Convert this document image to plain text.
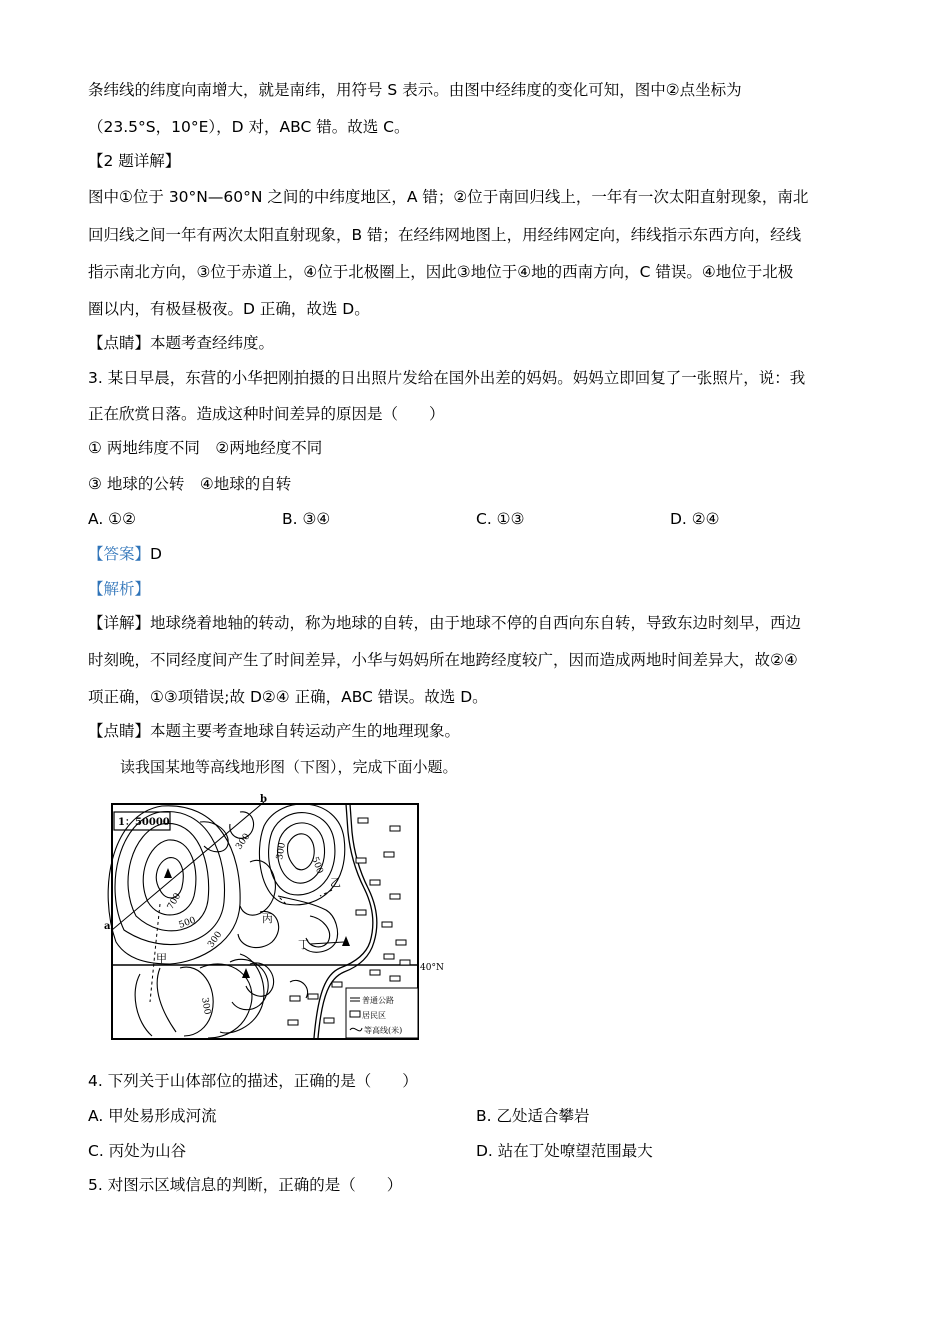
条纬线的纬度向南增大，就是南纬，用符号 S 表示。由图中经纬度的变化可知，图中②点坐标为
（23.5°S，10°E），D 对，ABC 错。故选 C。
【2 题详解】
图中①位于 30°N—60°N 之间的中纬度地区，A 错；②位于南回归线上，一年有一次太阳直射现象，南北
回归线之间一年有两次太阳直射现象，B 错；在经纬网地图上，用经纬网定向，纬线指示东西方向，经线
指示南北方向，③位于赤道上，④位于北极圈上，因此③地位于④地的西南方向，C 错误。④地位于北极
圈以内，有极昼极夜。D 正确，故选 D。
【点睛】本题考查经纬度。
3. 某日早晨，东营的小华把刚拍摄的日出照片发给在国外出差的妈妈。妈妈立即回复了一张照片，说：我
正在欣赏日落。造成这种时间差异的原因是（　　）
① 两地纬度不同　②两地经度不同
③ 地球的公转　④地球的自转
A. ①②	B. ③④	C. ①③	D. ②④
【答案】D
【解析】
【详解】地球绕着地轴的转动，称为地球的自转，由于地球不停的自西向东自转，导致东边时刻早，西边
时刻晚，不同经度间产生了时间差异，小华与妈妈所在地跨经度较广，因而造成两地时间差异大，故②④
项正确，①③项错误;故 D②④ 正确，ABC 错误。故选 D。
【点睛】本题主要考查地球自转运动产生的地理现象。
读我国某地等高线地形图（下图），完成下面小题。
1：50000
40°N
a
b
普通公路
居民区
等高线(米)
700
500
300
300	300
500
300
甲
乙
丙
丁
4. 下列关于山体部位的描述，正确的是（　　）
A. 甲处易形成河流	B. 乙处适合攀岩
C. 丙处为山谷	D. 站在丁处嘹望范围最大
5. 对图示区域信息的判断，正确的是（　　）
